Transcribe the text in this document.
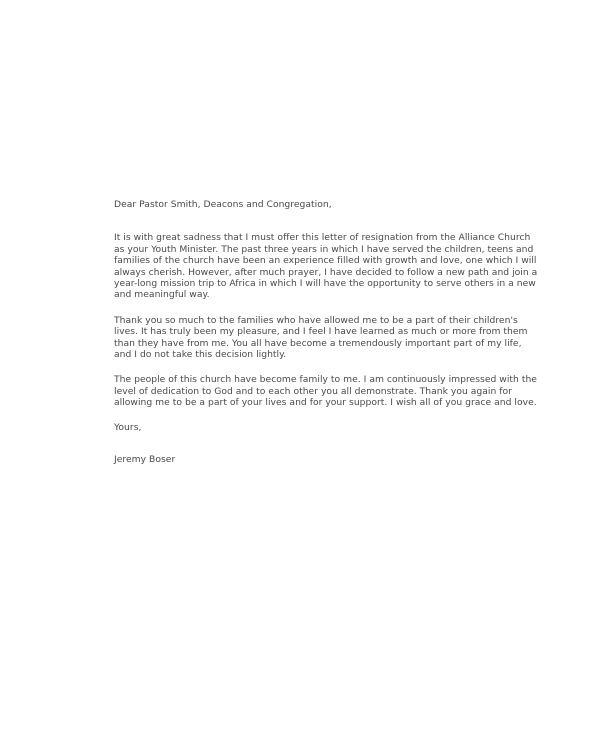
Dear Pastor Smith, Deacons and Congregation,
It is with great sadness that I must offer this letter of resignation from the Alliance Church
as your Youth Minister. The past three years in which I have served the children, teens and
families of the church have been an experience filled with growth and love, one which I will
always cherish. However, after much prayer, I have decided to follow a new path and join a
year-long mission trip to Africa in which I will have the opportunity to serve others in a new
and meaningful way.
Thank you so much to the families who have allowed me to be a part of their children's
lives. It has truly been my pleasure, and I feel I have learned as much or more from them
than they have from me. You all have become a tremendously important part of my life,
and I do not take this decision lightly.
The people of this church have become family to me. I am continuously impressed with the
level of dedication to God and to each other you all demonstrate. Thank you again for
allowing me to be a part of your lives and for your support. I wish all of you grace and love.
Yours,
Jeremy Boser
